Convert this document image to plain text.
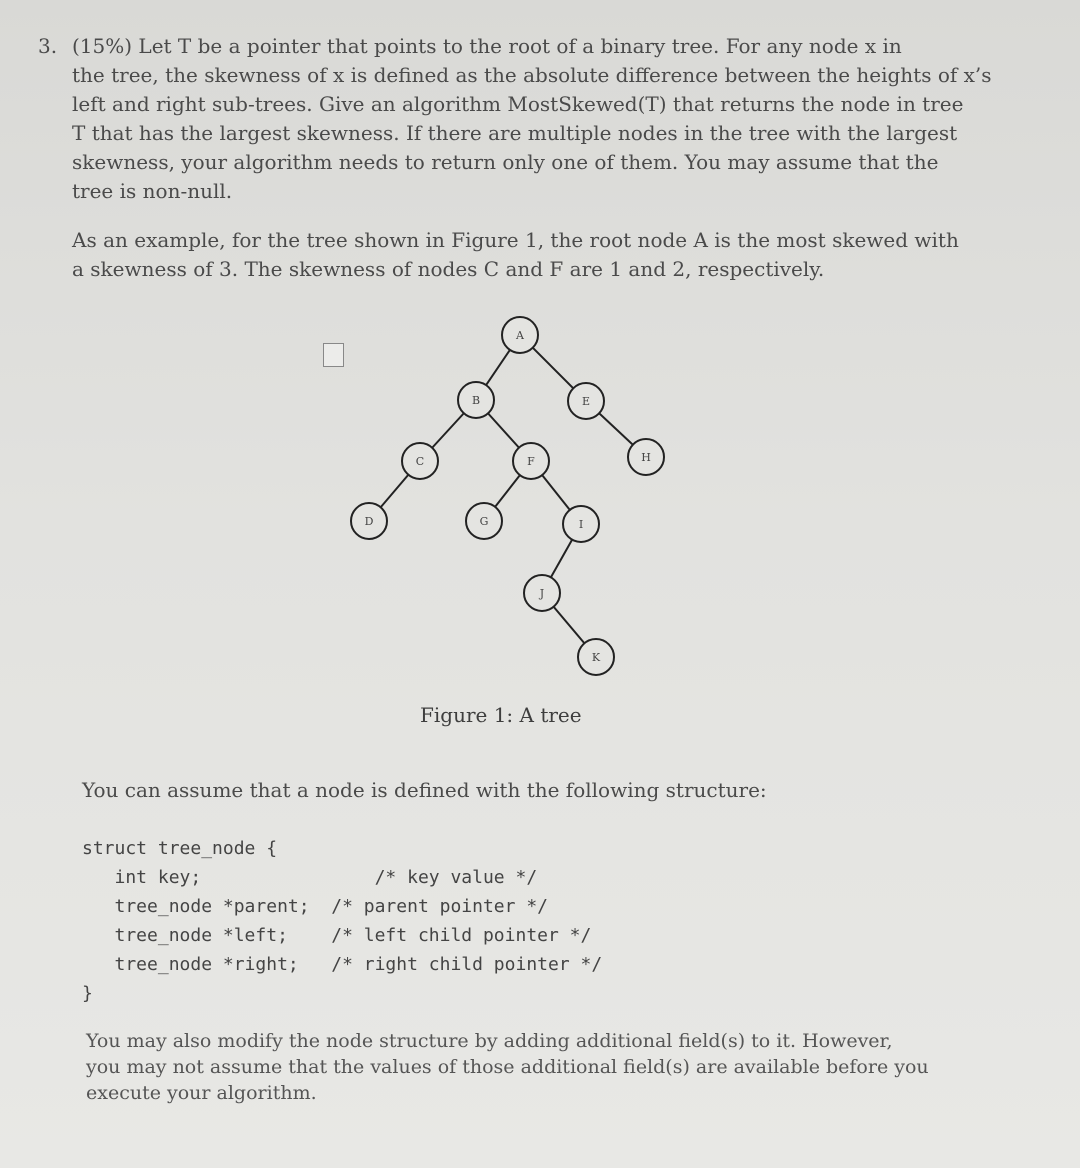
3. (15%) Let T be a pointer that points to the root of a binary tree. For any node x in
the tree, the skewness of x is defined as the absolute difference between the heights of x’s
left and right sub-trees. Give an algorithm MostSkewed(T) that returns the node in tree
T that has the largest skewness. If there are multiple nodes in the tree with the largest
skewness, your algorithm needs to return only one of them. You may assume that the
tree is non-null.
As an example, for the tree shown in Figure 1, the root node A is the most skewed with
a skewness of 3. The skewness of nodes C and F are 1 and 2, respectively.
A
B	E
C	F	H
D	G	I
J
K
Figure 1: A tree
You can assume that a node is defined with the following structure:
struct tree_node {
int key;                /* key value */
tree_node *parent;  /* parent pointer */
tree_node *left;    /* left child pointer */
tree_node *right;   /* right child pointer */
}
You may also modify the node structure by adding additional field(s) to it. However,
you may not assume that the values of those additional field(s) are available before you
execute your algorithm.
